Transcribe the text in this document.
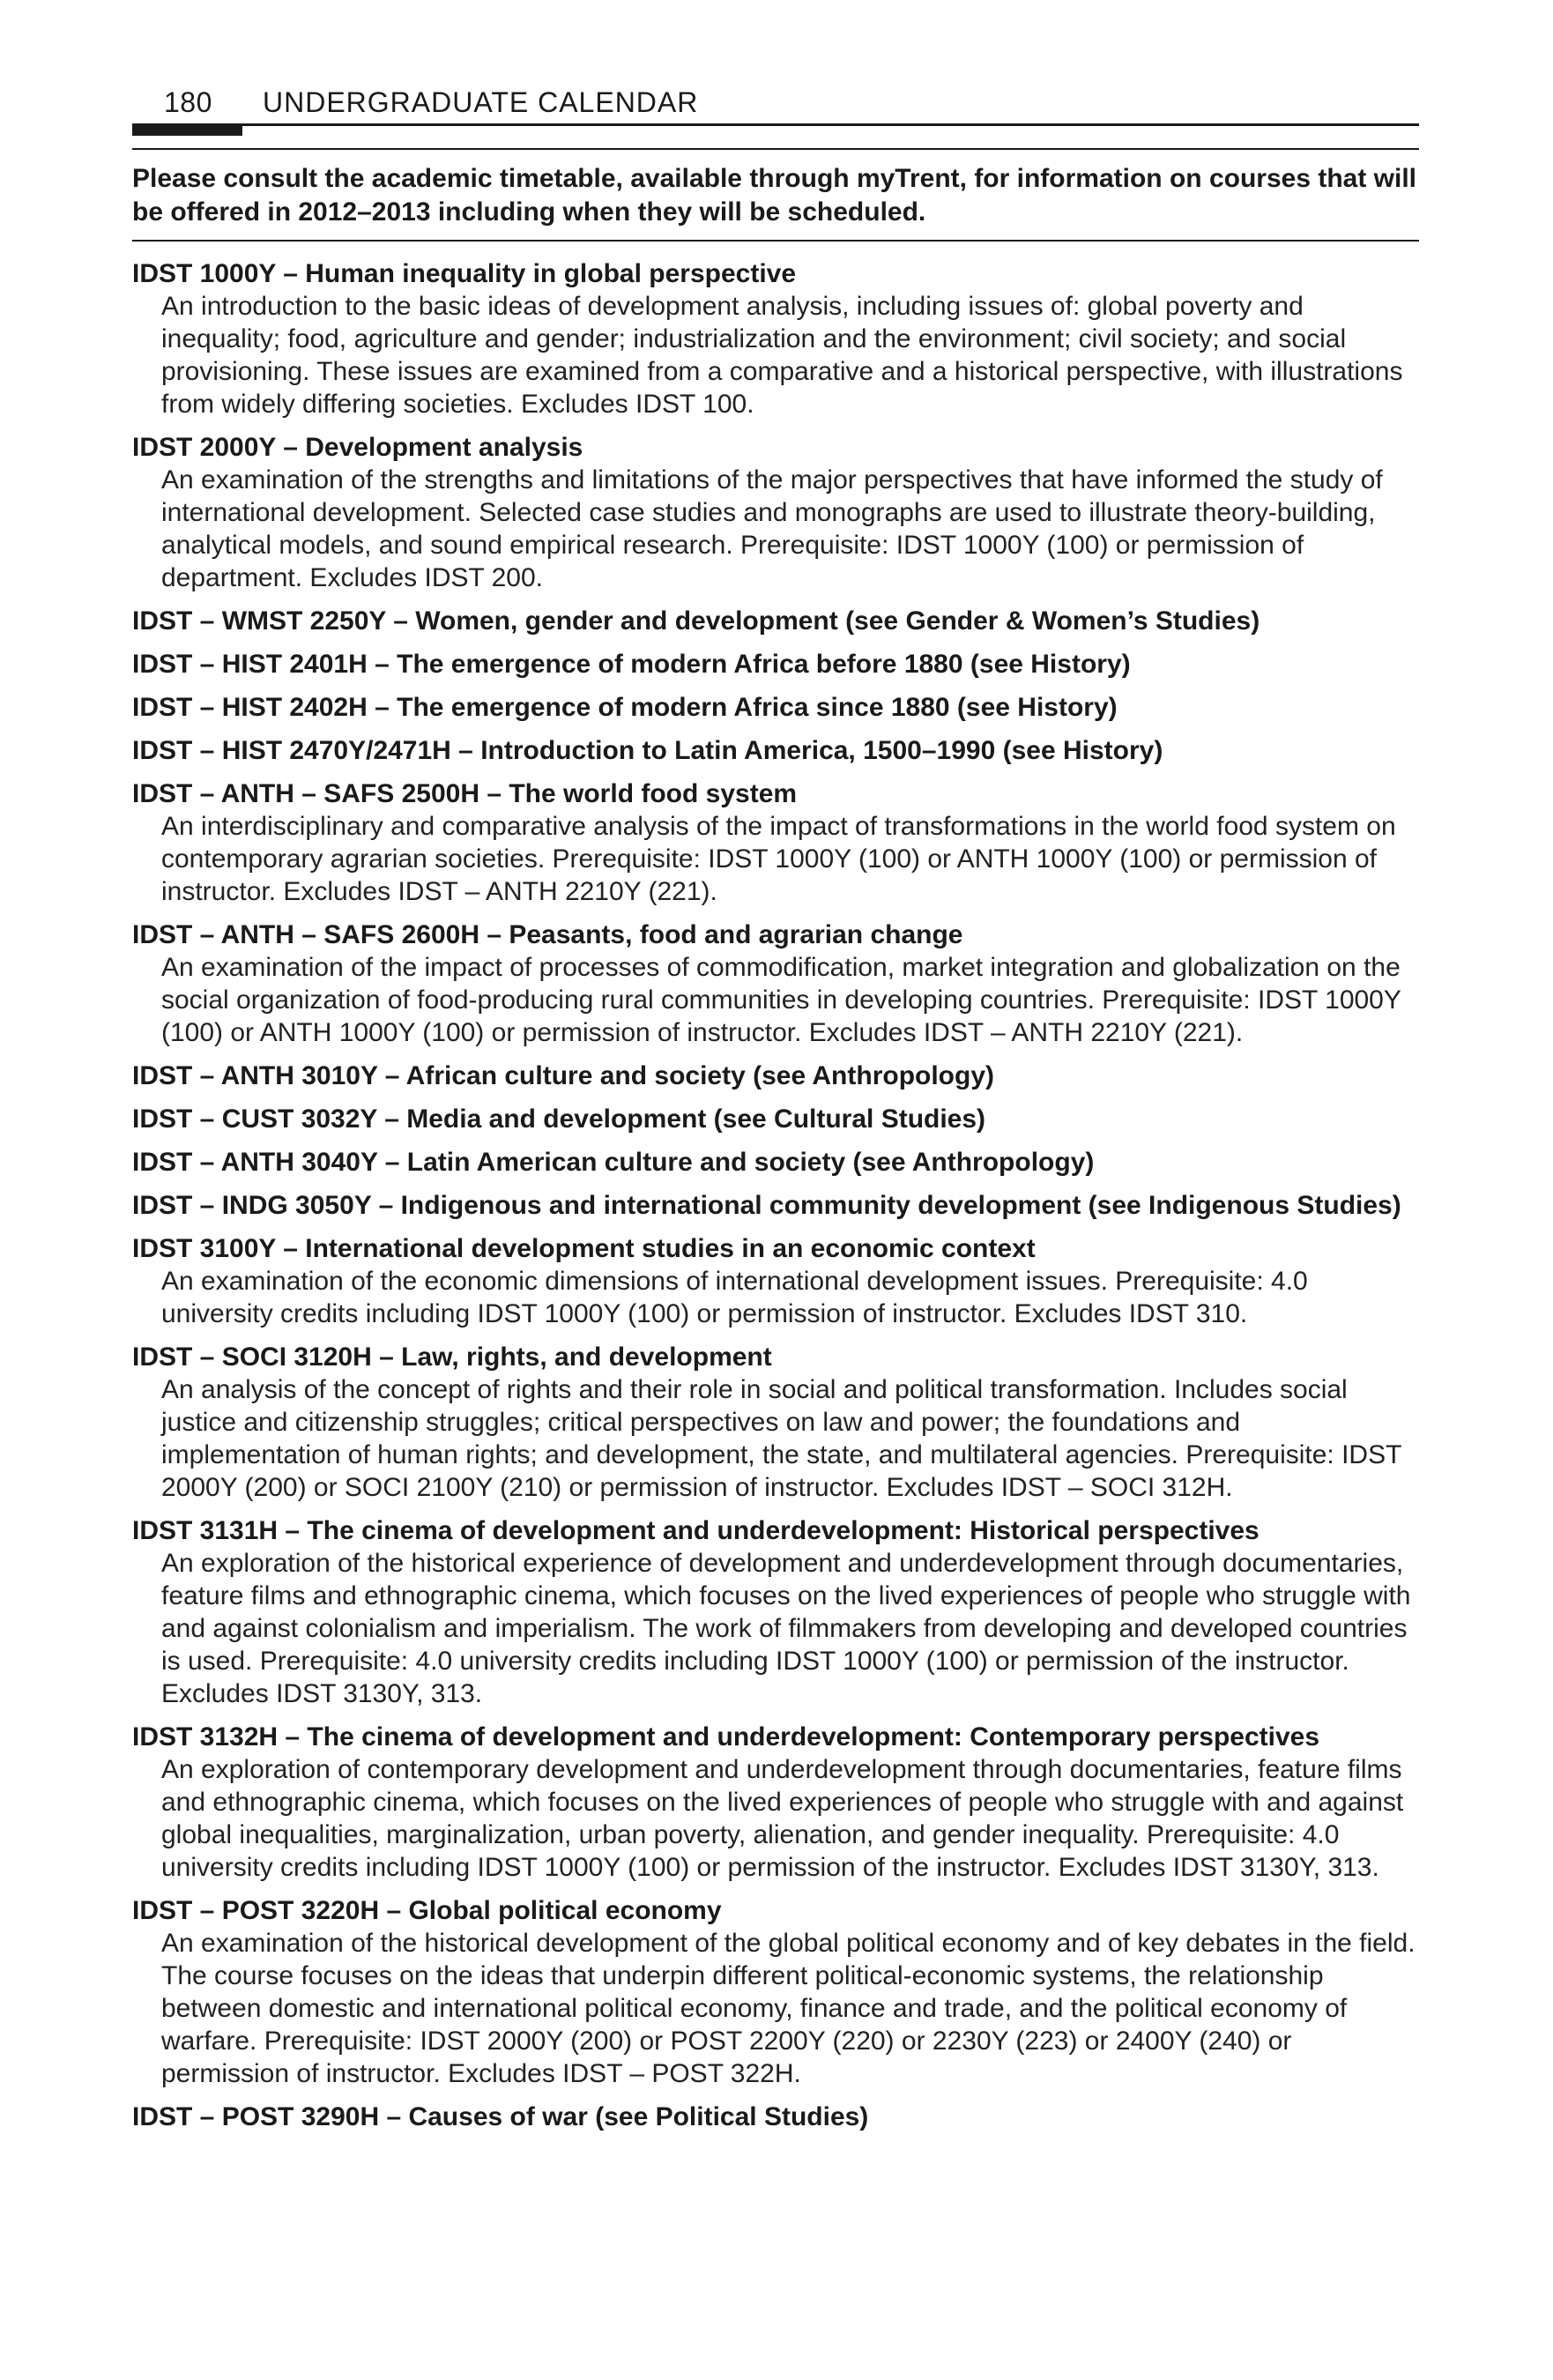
180 UNDERGRADUATE CALENDAR
Please consult the academic timetable, available through myTrent, for information on courses that will be offered in 2012–2013 including when they will be scheduled.
IDST 1000Y – Human inequality in global perspective
An introduction to the basic ideas of development analysis, including issues of: global poverty and inequality; food, agriculture and gender; industrialization and the environment; civil society; and social provisioning. These issues are examined from a comparative and a historical perspective, with illustrations from widely differing societies. Excludes IDST 100.
IDST 2000Y – Development analysis
An examination of the strengths and limitations of the major perspectives that have informed the study of international development. Selected case studies and monographs are used to illustrate theory-building, analytical models, and sound empirical research. Prerequisite: IDST 1000Y (100) or permission of department. Excludes IDST 200.
IDST – WMST 2250Y – Women, gender and development (see Gender & Women’s Studies)
IDST – HIST 2401H – The emergence of modern Africa before 1880 (see History)
IDST – HIST 2402H – The emergence of modern Africa since 1880 (see History)
IDST – HIST 2470Y/2471H – Introduction to Latin America, 1500–1990 (see History)
IDST – ANTH – SAFS 2500H – The world food system
An interdisciplinary and comparative analysis of the impact of transformations in the world food system on contemporary agrarian societies. Prerequisite: IDST 1000Y (100) or ANTH 1000Y (100) or permission of instructor. Excludes IDST – ANTH 2210Y (221).
IDST – ANTH – SAFS 2600H – Peasants, food and agrarian change
An examination of the impact of processes of commodification, market integration and globalization on the social organization of food-producing rural communities in developing countries. Prerequisite: IDST 1000Y (100) or ANTH 1000Y (100) or permission of instructor. Excludes IDST – ANTH 2210Y (221).
IDST – ANTH 3010Y – African culture and society (see Anthropology)
IDST – CUST 3032Y – Media and development (see Cultural Studies)
IDST – ANTH 3040Y – Latin American culture and society (see Anthropology)
IDST – INDG 3050Y – Indigenous and international community development (see Indigenous Studies)
IDST 3100Y – International development studies in an economic context
An examination of the economic dimensions of international development issues. Prerequisite: 4.0 university credits including IDST 1000Y (100) or permission of instructor. Excludes IDST 310.
IDST – SOCI 3120H – Law, rights, and development
An analysis of the concept of rights and their role in social and political transformation. Includes social justice and citizenship struggles; critical perspectives on law and power; the foundations and implementation of human rights; and development, the state, and multilateral agencies. Prerequisite: IDST 2000Y (200) or SOCI 2100Y (210) or permission of instructor. Excludes IDST – SOCI 312H.
IDST 3131H – The cinema of development and underdevelopment: Historical perspectives
An exploration of the historical experience of development and underdevelopment through documentaries, feature films and ethnographic cinema, which focuses on the lived experiences of people who struggle with and against colonialism and imperialism. The work of filmmakers from developing and developed countries is used. Prerequisite: 4.0 university credits including IDST 1000Y (100) or permission of the instructor. Excludes IDST 3130Y, 313.
IDST 3132H – The cinema of development and underdevelopment: Contemporary perspectives
An exploration of contemporary development and underdevelopment through documentaries, feature films and ethnographic cinema, which focuses on the lived experiences of people who struggle with and against global inequalities, marginalization, urban poverty, alienation, and gender inequality. Prerequisite: 4.0 university credits including IDST 1000Y (100) or permission of the instructor. Excludes IDST 3130Y, 313.
IDST – POST 3220H – Global political economy
An examination of the historical development of the global political economy and of key debates in the field. The course focuses on the ideas that underpin different political-economic systems, the relationship between domestic and international political economy, finance and trade, and the political economy of warfare. Prerequisite: IDST 2000Y (200) or POST 2200Y (220) or 2230Y (223) or 2400Y (240) or permission of instructor. Excludes IDST – POST 322H.
IDST – POST 3290H – Causes of war (see Political Studies)
